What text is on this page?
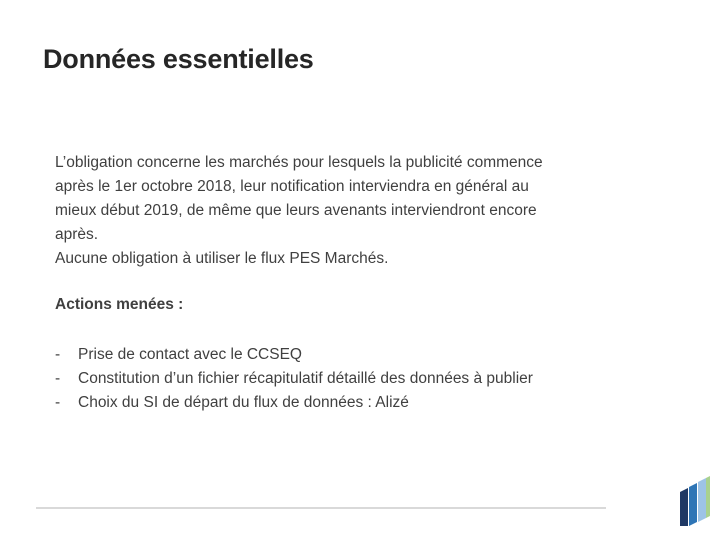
Données essentielles
L’obligation concerne les marchés pour lesquels la publicité commence
après le 1er octobre 2018, leur notification interviendra en général au
mieux début 2019, de même que leurs avenants interviendront encore
après.
Aucune obligation à utiliser le flux PES Marchés.
Actions menées :
-	Prise de contact avec le CCSEQ
-	Constitution d’un fichier récapitulatif détaillé des données à publier
-	Choix du SI de départ du flux de données : Alizé
